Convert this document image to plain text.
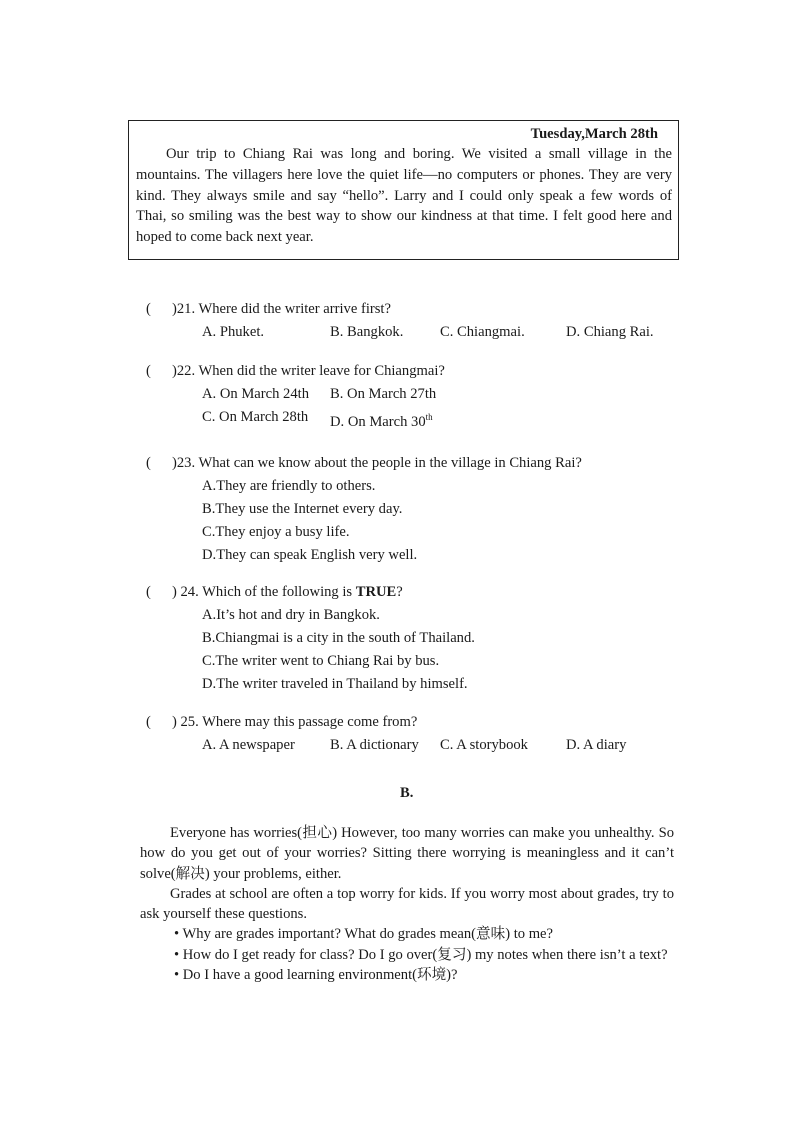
Tuesday,March 28th

Our trip to Chiang Rai was long and boring. We visited a small village in the mountains. The villagers here love the quiet life—no computers or phones. They are very kind. They always smile and say “hello”. Larry and I could only speak a few words of Thai, so smiling was the best way to show our kindness at that time. I felt good here and hoped to come back next year.

( )21. Where did the writer arrive first?
A. Phuket.	B. Bangkok.	C. Chiangmai.	D. Chiang Rai.
( )22. When did the writer leave for Chiangmai?
A. On March 24th	B. On March 27th
C. On March 28th	D. On March 30th
( )23. What can we know about the people in the village in Chiang Rai?
A.They are friendly to others.
B.They use the Internet every day.
C.They enjoy a busy life.
D.They can speak English very well.
( ) 24. Which of the following is TRUE?
A.It’s hot and dry in Bangkok.
B.Chiangmai is a city in the south of Thailand.
C.The writer went to Chiang Rai by bus.
D.The writer traveled in Thailand by himself.
( ) 25. Where may this passage come from?
A. A newspaper	B. A dictionary	C. A storybook	D. A diary
B.

Everyone has worries(担心) However, too many worries can make you unhealthy. So how do you get out of your worries? Sitting there worrying is meaningless and it can’t solve(解决) your problems, either.

Grades at school are often a top worry for kids. If you worry most about grades, try to ask yourself these questions.

• Why are grades important? What do grades mean(意味) to me?

• How do I get ready for class? Do I go over(复习) my notes when there isn’t a text?

• Do I have a good learning environment(环境)?
